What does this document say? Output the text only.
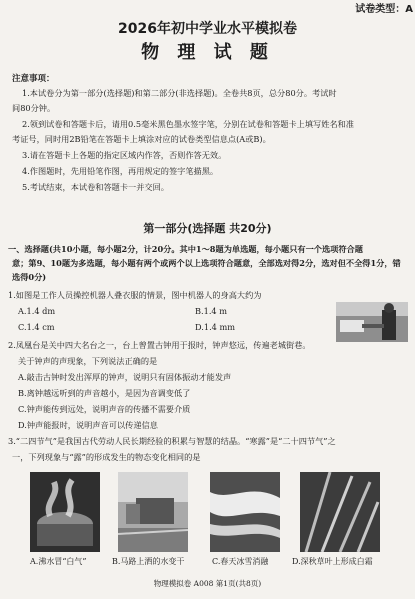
试卷类型：A
2026年初中学业水平模拟卷
物 理 试 题
注意事项：
1.本试卷分为第一部分(选择题)和第二部分(非选择题)。全卷共8页，总分80分。考试时
间80分钟。
2.领到试卷和答题卡后，请用0.5毫米黑色墨水签字笔，分别在试卷和答题卡上填写姓名和准
考证号，同时用2B铅笔在答题卡上填涂对应的试卷类型信息点(A或B)。
3.请在答题卡上各题的指定区域内作答，否则作答无效。
4.作图题时，先用铅笔作图，再用规定的签字笔描黑。
5.考试结束，本试卷和答题卡一并交回。
第一部分(选择题 共20分)
一、选择题(共10小题，每小题2分，计20分。其中1～8题为单选题，每小题只有一个选项符合题
意；第9、10题为多选题，每小题有两个或两个以上选项符合题意，全部选对得2分，选对但不全得1分，错
选得0分)
1.如图是工作人员操控机器人叠衣服的情景，图中机器人的身高大约为
A.1.4 dm	B.1.4 m
C.1.4 cm	D.1.4 mm
2.凤凰台是关中四大名台之一，台上曾置古钟用于报时，钟声悠远，传遍老城街巷。
关于钟声的声现象，下列说法正确的是
A.敲击古钟时发出浑厚的钟声，说明只有固体振动才能发声
B.离钟越远听到的声音越小，是因为音调变低了
C.钟声能传到远处，说明声音的传播不需要介质
D.钟声能报时，说明声音可以传递信息
3.“二四节气”是我国古代劳动人民长期经验的积累与智慧的结晶。“寒露”是“二十四节气”之
一，下列现象与“露”的形成发生的物态变化相同的是
A.沸水冒“白气”	B.马路上洒的水变干	C.春天冰雪消融	D.深秋草叶上形成白霜
物理模拟卷 A008 第1页(共8页)
